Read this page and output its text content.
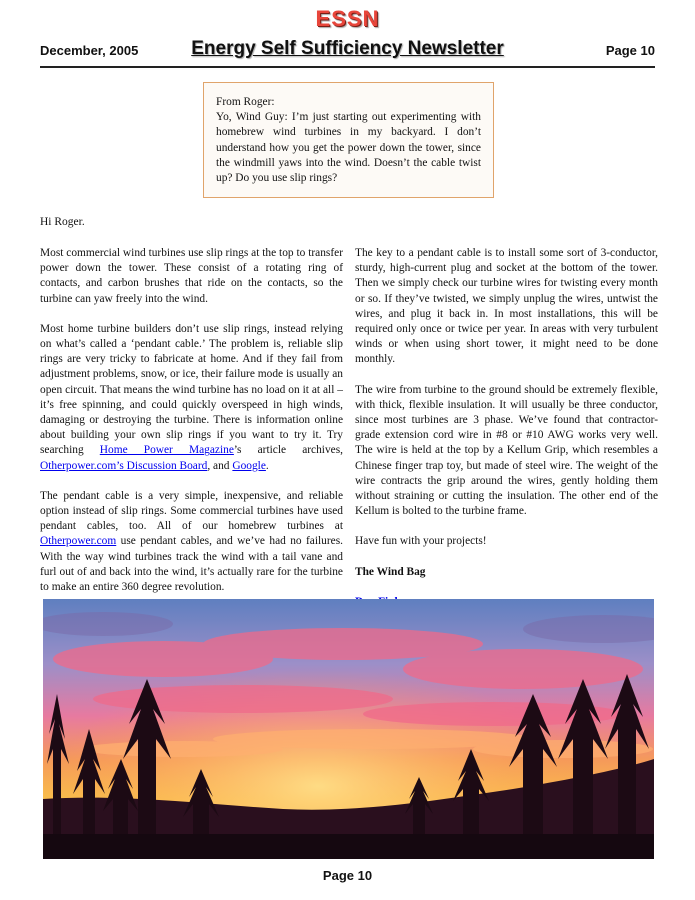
ESSN
December, 2005	Energy Self Sufficiency Newsletter	Page 10

From Roger:

Yo, Wind Guy: I’m just starting out experimenting with homebrew wind turbines in my backyard. I don’t understand how you get the power down the tower, since the windmill yaws into the wind. Doesn’t the cable twist up? Do you use slip rings?

Hi Roger.

Most commercial wind turbines use slip rings at the top to transfer power down the tower. These consist of a rotating ring of contacts, and carbon brushes that ride on the contacts, so the turbine can yaw freely into the wind.

Most home turbine builders don’t use slip rings, instead relying on what’s called a ‘pendant cable.’ The problem is, reliable slip rings are very tricky to fabricate at home. And if they fail from adjustment problems, snow, or ice, their failure mode is usually an open circuit. That means the wind turbine has no load on it at all – it’s free spinning, and could quickly overspeed in high winds, damaging or destroying the turbine. There is information online about building your own slip rings if you want to try it. Try searching Home Power Magazine’s article archives, Otherpower.com’s Discussion Board, and Google.

The pendant cable is a very simple, inexpensive, and reliable option instead of slip rings. Some commercial turbines have used pendant cables, too. All of our homebrew turbines at Otherpower.com use pendant cables, and we’ve had no failures. With the way wind turbines track the wind with a tail vane and furl out of and back into the wind, it’s actually rare for the turbine to make an entire 360 degree revolution.

The key to a pendant cable is to install some sort of 3-conductor, sturdy, high-current plug and socket at the bottom of the tower. Then we simply check our turbine wires for twisting every month or so. If they’ve twisted, we simply unplug the wires, untwist the wires, and plug it back in. In most installations, this will be required only once or twice per year. In areas with very turbulent winds or when using short tower, it might need to be done monthly.

The wire from turbine to the ground should be extremely flexible, with thick, flexible insulation. It will usually be three conductor, since most turbines are 3 phase. We’ve found that contractor-grade extension cord wire in #8 or #10 AWG works very well. The wire is held at the top by a Kellum Grip, which resembles a Chinese finger trap toy, but made of steel wire. The weight of the wire contracts the grip around the wires, gently holding them without straining or cutting the insulation. The other end of the Kellum is bolted to the turbine frame.

Have fun with your projects!

The Wind Bag

Page 10
